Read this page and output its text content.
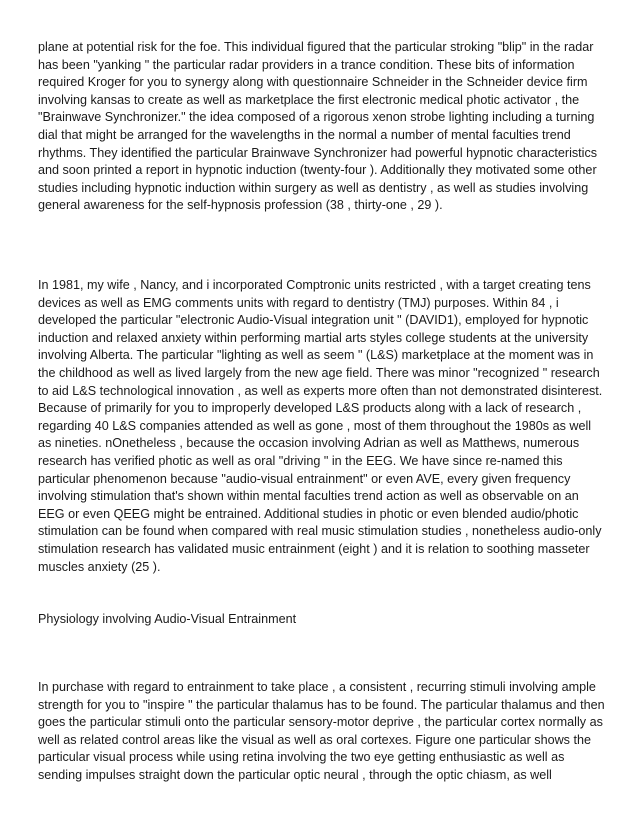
plane at potential risk for the foe. This individual figured that the particular stroking "blip" in the radar has been "yanking " the particular radar providers in a trance condition. These bits of information required Kroger for you to synergy along with questionnaire Schneider in the Schneider device firm involving kansas to create as well as marketplace the first electronic medical photic activator , the "Brainwave Synchronizer." the idea composed of a rigorous xenon strobe lighting including a turning dial that might be arranged for the wavelengths in the normal a number of mental faculties trend rhythms. They identified the particular Brainwave Synchronizer had powerful hypnotic characteristics and soon printed a report in hypnotic induction (twenty-four ). Additionally they motivated some other studies including hypnotic induction within surgery as well as dentistry , as well as studies involving general awareness for the self-hypnosis profession (38 , thirty-one , 29 ).

In 1981, my wife , Nancy, and i incorporated Comptronic units restricted , with a target creating tens devices as well as EMG comments units with regard to dentistry (TMJ) purposes. Within 84 , i developed the particular "electronic Audio-Visual integration unit " (DAVID1), employed for hypnotic induction and relaxed anxiety within performing martial arts styles college students at the university involving Alberta. The particular "lighting as well as seem " (L&S) marketplace at the moment was in the childhood as well as lived largely from the new age field. There was minor "recognized " research to aid L&S technological innovation , as well as experts more often than not demonstrated disinterest. Because of primarily for you to improperly developed L&S products along with a lack of research , regarding 40 L&S companies attended as well as gone , most of them throughout the 1980s as well as nineties. nOnetheless , because the occasion involving Adrian as well as Matthews, numerous research has verified photic as well as oral "driving " in the EEG. We have since re-named this particular phenomenon because "audio-visual entrainment" or even AVE, every given frequency involving stimulation that's shown within mental faculties trend action as well as observable on an EEG or even QEEG might be entrained. Additional studies in photic or even blended audio/photic stimulation can be found when compared with real music stimulation studies , nonetheless audio-only stimulation research has validated music entrainment (eight ) and it is relation to soothing masseter muscles anxiety (25 ).

Physiology involving Audio-Visual Entrainment

In purchase with regard to entrainment to take place , a consistent , recurring stimuli involving ample strength for you to "inspire " the particular thalamus has to be found. The particular thalamus and then goes the particular stimuli onto the particular sensory-motor deprive , the particular cortex normally as well as related control areas like the visual as well as oral cortexes. Figure one particular shows the particular visual process while using retina involving the two eye getting enthusiastic as well as sending impulses straight down the particular optic neural , through the optic chiasm, as well
